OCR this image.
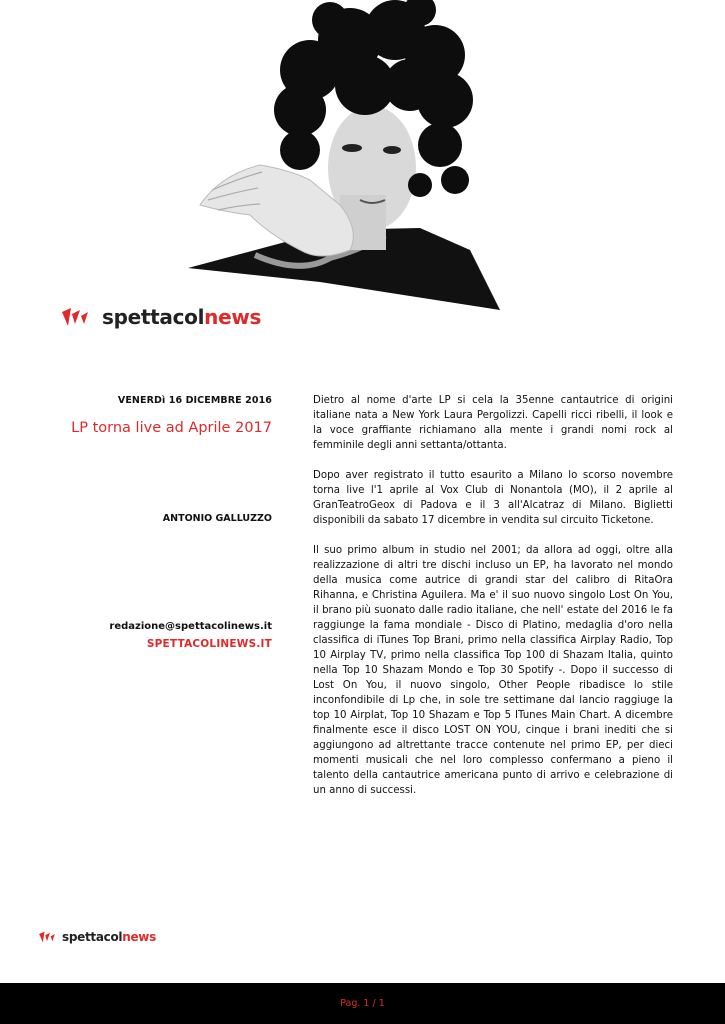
spettacolnews
VENERDì 16 DICEMBRE 2016
LP torna live ad Aprile 2017
ANTONIO GALLUZZO
redazione@spettacolinews.it
SPETTACOLINEWS.IT

Dietro al nome d'arte LP si cela la 35enne cantautrice di origini italiane nata a New York Laura Pergolizzi. Capelli ricci ribelli, il look e la voce graffiante richiamano alla mente i grandi nomi rock al femminile degli anni settanta/ottanta.

Dopo aver registrato il tutto esaurito a Milano lo scorso novembre torna live l'1 aprile al Vox Club di Nonantola (MO), il 2 aprile al GranTeatroGeox di Padova e il 3 all'Alcatraz di Milano. Biglietti disponibili da sabato 17 dicembre in vendita sul circuito Ticketone.

Il suo primo album in studio nel 2001; da allora ad oggi, oltre alla realizzazione di altri tre dischi incluso un EP, ha lavorato nel mondo della musica come autrice di grandi star del calibro di RitaOra Rihanna, e Christina Aguilera. Ma e' il suo nuovo singolo Lost On You, il brano più suonato dalle radio italiane, che nell' estate del 2016 le fa raggiunge la fama mondiale - Disco di Platino, medaglia d'oro nella classifica di iTunes Top Brani, primo nella classifica Airplay Radio, Top 10 Airplay TV, primo nella classifica Top 100 di Shazam Italia, quinto nella Top 10 Shazam Mondo e Top 30 Spotify -. Dopo il successo di Lost On You, il nuovo singolo, Other People ribadisce lo stile inconfondibile di Lp che, in sole tre settimane dal lancio raggiuge la top 10 Airplat, Top 10 Shazam e Top 5 ITunes Main Chart. A dicembre finalmente esce il disco LOST ON YOU, cinque i brani inediti che si aggiungono ad altrettante tracce contenute nel primo EP, per dieci momenti musicali che nel loro complesso confermano a pieno il talento della cantautrice americana punto di arrivo e celebrazione di un anno di successi.

spettacolnews
Pag. 1 / 1
